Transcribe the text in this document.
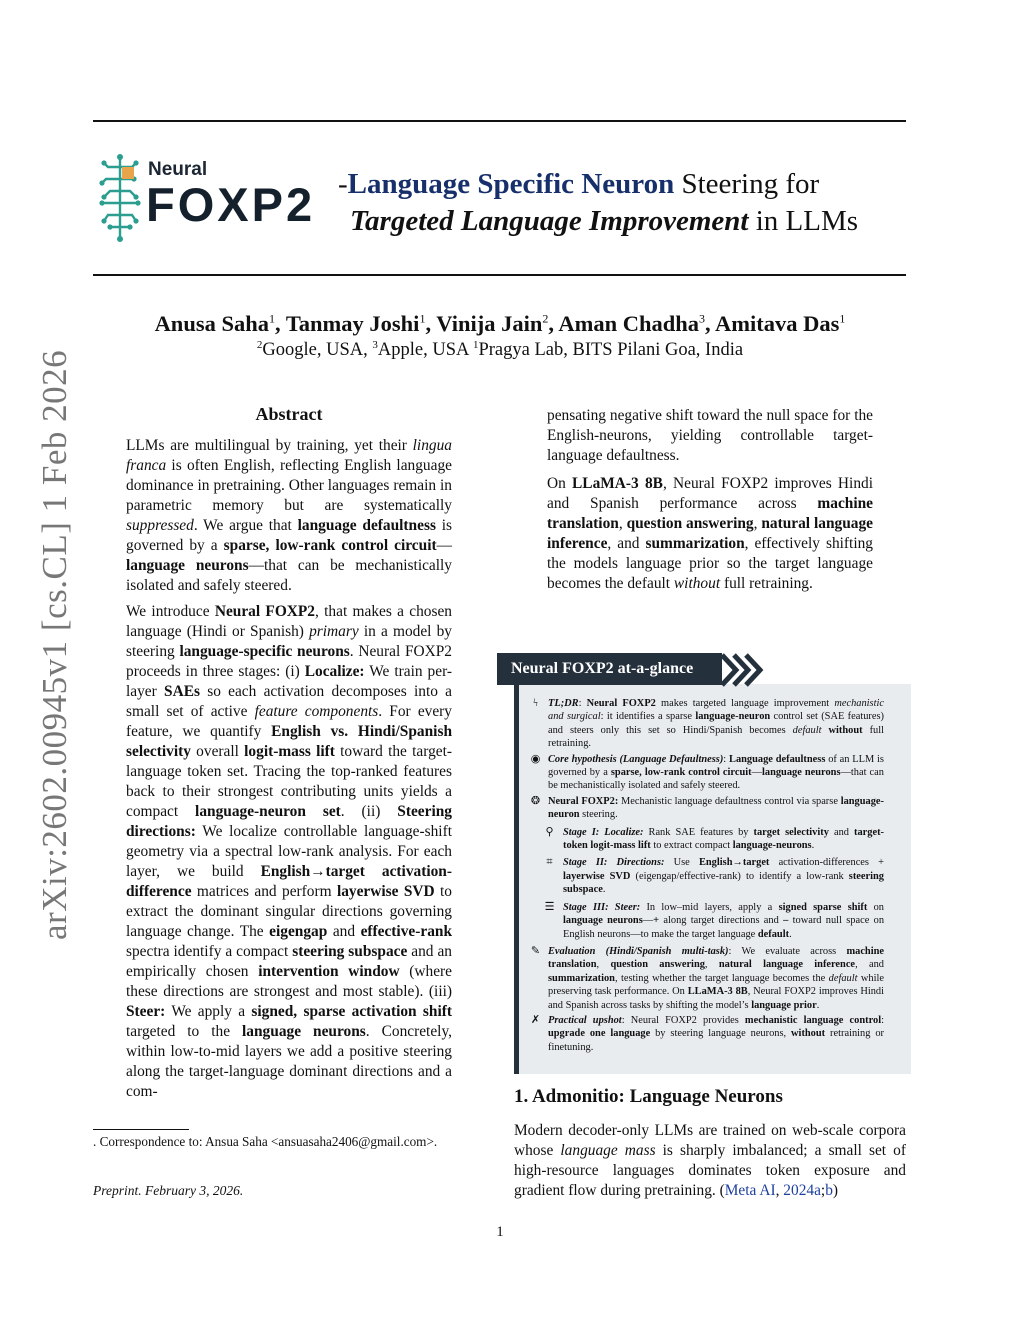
arXiv:2602.00945v1 [cs.CL] 1 Feb 2026
Neural
FOXP2 -Language Specific Neuron Steering for
Targeted Language Improvement in LLMs
Anusa Saha$^1$, Tanmay Joshi$^1$, Vinija Jain$^2$, Aman Chadha$^3$, Amitava Das$^1$
$^2$Google, USA, $^3$Apple, USA $^1$Pragya Lab, BITS Pilani Goa, India
Abstract

LLMs are multilingual by training, yet their lingua franca is often English, reflecting English language dominance in pretraining. Other languages remain in parametric memory but are systematically suppressed. We argue that language defaultness is governed by a sparse, low-rank control circuit—language neurons—that can be mechanistically isolated and safely steered.

We introduce Neural FOXP2, that makes a chosen language (Hindi or Spanish) primary in a model by steering language-specific neurons. Neural FOXP2 proceeds in three stages: (i) Localize: We train per-layer SAEs so each activation decomposes into a small set of active feature components. For every feature, we quantify English vs. Hindi/Spanish selectivity overall logit-mass lift toward the target-language token set. Tracing the top-ranked features back to their strongest contributing units yields a compact language-neuron set. (ii) Steering directions: We localize controllable language-shift geometry via a spectral low-rank analysis. For each layer, we build English→target activation-difference matrices and perform layerwise SVD to extract the dominant singular directions governing language change. The eigengap and effective-rank spectra identify a compact steering subspace and an empirically chosen intervention window (where these directions are strongest and most stable). (iii) Steer: We apply a signed, sparse activation shift targeted to the language neurons. Concretely, within low-to-mid layers we add a positive steering along the target-language dominant directions and a com-

. Correspondence to: Ansua Saha <ansuasaha2406@gmail.com>.
Preprint. February 3, 2026.

pensating negative shift toward the null space for the English-neurons, yielding controllable target-language defaultness.

On LLaMA-3 8B, Neural FOXP2 improves Hindi and Spanish performance across machine translation, question answering, natural language inference, and summarization, effectively shifting the models language prior so the target language becomes the default without full retraining.

Neural FOXP2 at-a-glance
ϟ TL;DR: Neural FOXP2 makes targeted language improvement mechanistic and surgical: it identifies a sparse language-neuron control set (SAE features) and steers only this set so Hindi/Spanish becomes default without full retraining.
◉ Core hypothesis (Language Defaultness): Language defaultness of an LLM is governed by a sparse, low-rank control circuit—language neurons—that can be mechanistically isolated and safely steered.
❂ Neural FOXP2: Mechanistic language defaultness control via sparse language-neuron steering.
⚲ Stage I: Localize: Rank SAE features by target selectivity and target-token logit-mass lift to extract compact language-neurons.
⌗	Stage II: Directions: Use English→target activation-differences + layerwise SVD (eigengap/effective-rank) to identify a low-rank steering subspace.
☰ Stage III: Steer: In low–mid layers, apply a signed sparse shift on language neurons—+ along target directions and – toward null space on English neurons—to make the target language default.
✎ Evaluation (Hindi/Spanish multi-task): We evaluate across machine translation, question answering, natural language inference, and summarization, testing whether the target language becomes the default while preserving task performance. On LLaMA-3 8B, Neural FOXP2 improves Hindi and Spanish across tasks by shifting the model’s language prior.
✗ Practical upshot: Neural FOXP2 provides mechanistic language control: upgrade one language by steering language neurons, without retraining or finetuning.
1. Admonitio: Language Neurons
Modern decoder-only LLMs are trained on web-scale corpora whose language mass is sharply imbalanced; a small set of high-resource languages dominates token exposure and gradient flow during pretraining. (Meta AI, 2024a;b)
1
